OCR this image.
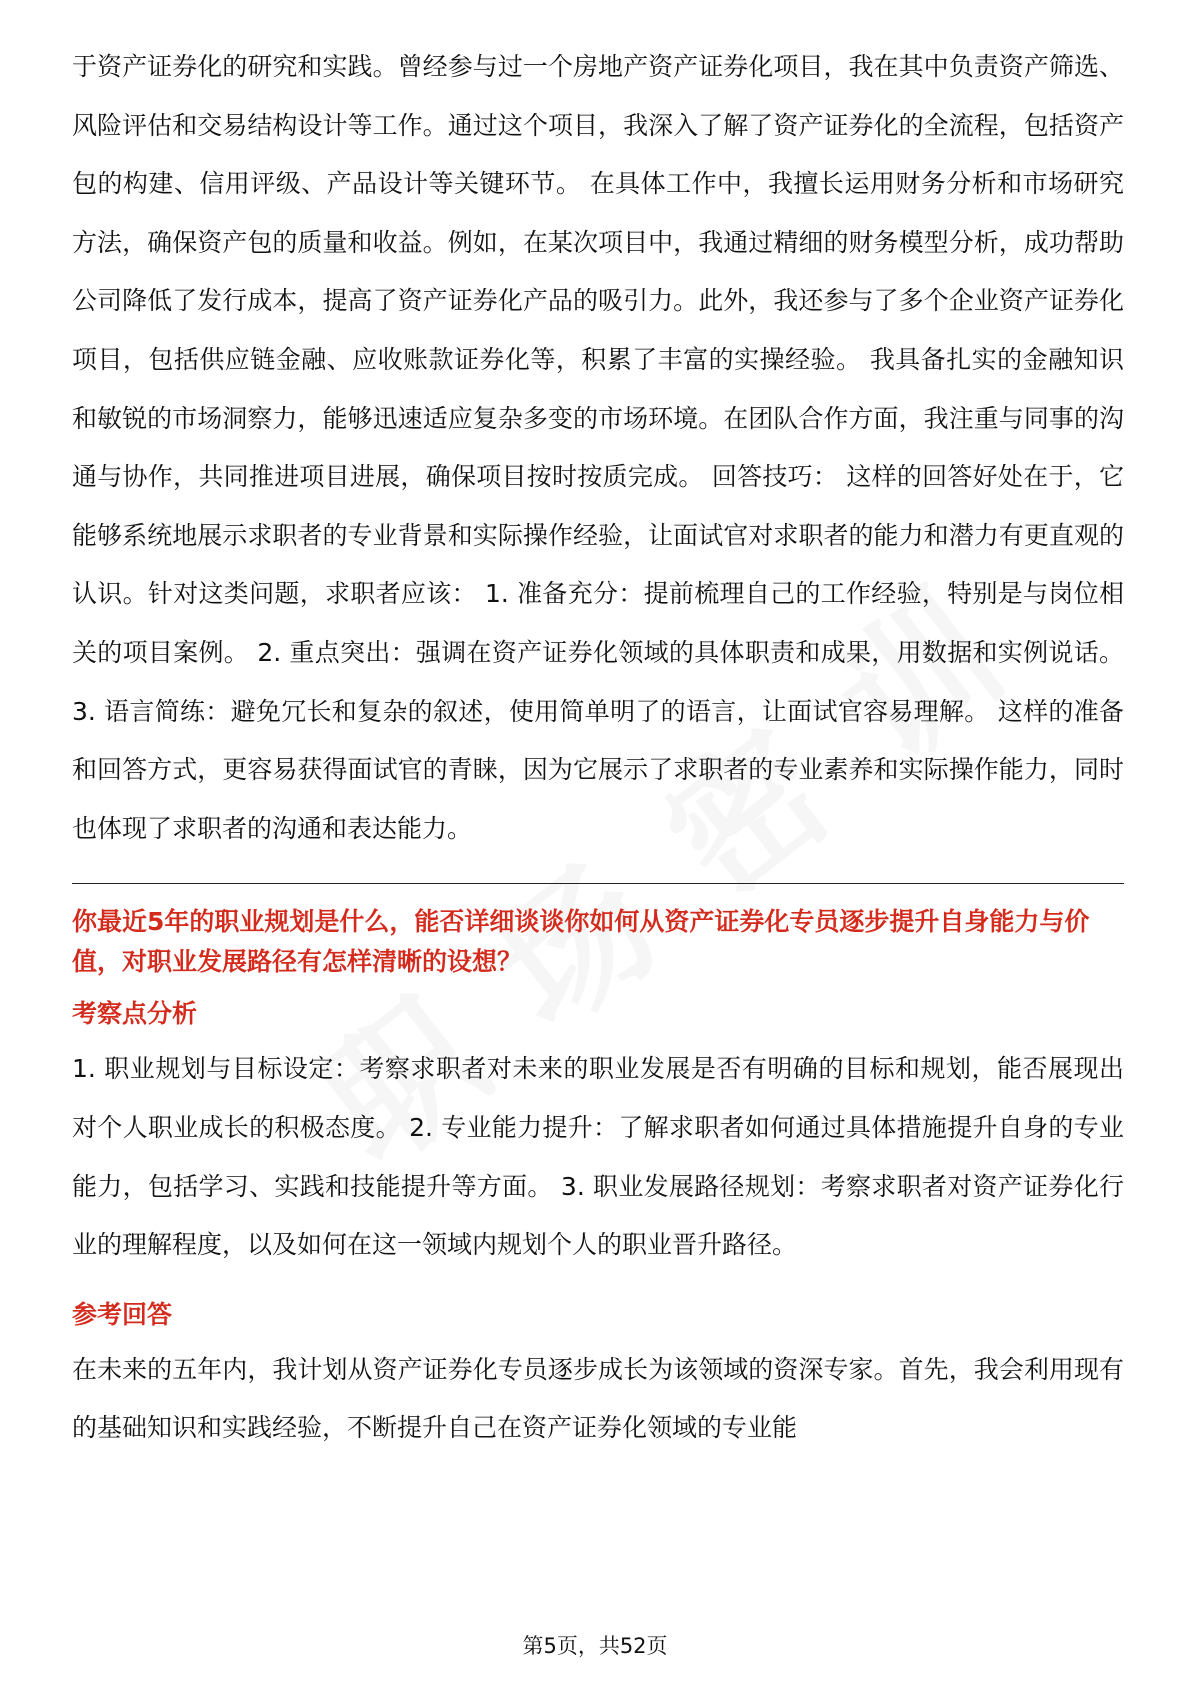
于资产证券化的研究和实践。曾经参与过一个房地产资产证券化项目，我在其中负责资产筛选、风险评估和交易结构设计等工作。通过这个项目，我深入了解了资产证券化的全流程，包括资产包的构建、信用评级、产品设计等关键环节。 在具体工作中，我擅长运用财务分析和市场研究方法，确保资产包的质量和收益。例如，在某次项目中，我通过精细的财务模型分析，成功帮助公司降低了发行成本，提高了资产证券化产品的吸引力。此外，我还参与了多个企业资产证券化项目，包括供应链金融、应收账款证券化等，积累了丰富的实操经验。 我具备扎实的金融知识和敏锐的市场洞察力，能够迅速适应复杂多变的市场环境。在团队合作方面，我注重与同事的沟通与协作，共同推进项目进展，确保项目按时按质完成。 回答技巧： 这样的回答好处在于，它能够系统地展示求职者的专业背景和实际操作经验，让面试官对求职者的能力和潜力有更直观的认识。针对这类问题，求职者应该： 1. 准备充分：提前梳理自己的工作经验，特别是与岗位相关的项目案例。 2. 重点突出：强调在资产证券化领域的具体职责和成果，用数据和实例说话。 3. 语言简练：避免冗长和复杂的叙述，使用简单明了的语言，让面试官容易理解。 这样的准备和回答方式，更容易获得面试官的青睐，因为它展示了求职者的专业素养和实际操作能力，同时也体现了求职者的沟通和表达能力。

你最近5年的职业规划是什么，能否详细谈谈你如何从资产证券化专员逐步提升自身能力与价值，对职业发展路径有怎样清晰的设想？

考察点分析

1. 职业规划与目标设定：考察求职者对未来的职业发展是否有明确的目标和规划，能否展现出对个人职业成长的积极态度。 2. 专业能力提升：了解求职者如何通过具体措施提升自身的专业能力，包括学习、实践和技能提升等方面。 3. 职业发展路径规划：考察求职者对资产证券化行业的理解程度，以及如何在这一领域内规划个人的职业晋升路径。

参考回答

在未来的五年内，我计划从资产证券化专员逐步成长为该领域的资深专家。首先，我会利用现有的基础知识和实践经验，不断提升自己在资产证券化领域的专业能

第5页，共52页
